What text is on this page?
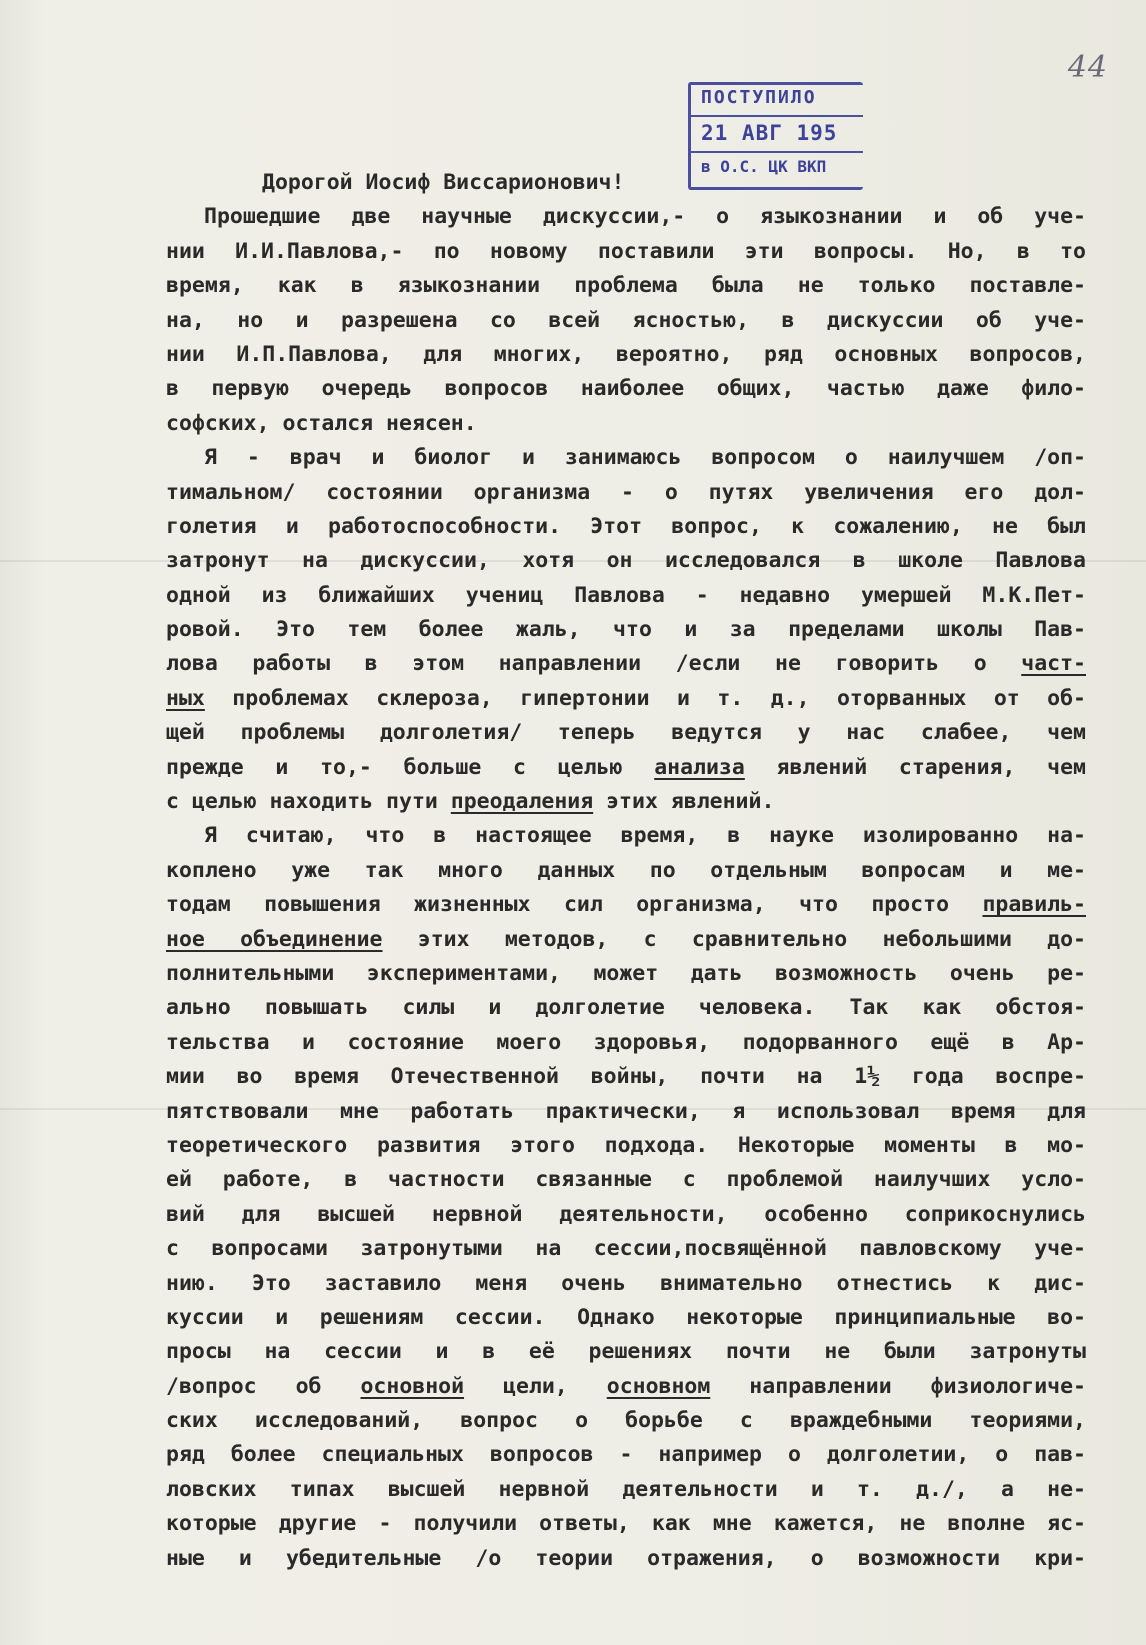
44
ПОСТУПИЛО
21 АВГ 195
в О.С. ЦК ВКП
Дорогой Иосиф Виссарионович!
Прошедшие две научные дискуссии,- о языкознании и об уче-
нии И.И.Павлова,- по новому поставили эти вопросы. Но, в то
время, как в языкознании проблема была не только поставле-
на, но и разрешена со всей ясностью, в дискуссии об уче-
нии И.П.Павлова, для многих, вероятно, ряд основных вопросов,
в первую очередь вопросов наиболее общих, частью даже фило-
софских, остался неясен.
Я - врач и биолог и занимаюсь вопросом о наилучшем /оп-
тимальном/ состоянии организма - о путях увеличения его дол-
голетия и работоспособности. Этот вопрос, к сожалению, не был
затронут на дискуссии, хотя он исследовался в школе Павлова
одной из ближайших учениц Павлова - недавно умершей М.К.Пет-
ровой. Это тем более жаль, что и за пределами школы Пав-
лова работы в этом направлении /если не говорить о част-
ных проблемах склероза, гипертонии и т. д., оторванных от об-
щей проблемы долголетия/ теперь ведутся у нас слабее, чем
прежде и то,- больше с целью анализа явлений старения, чем
с целью находить пути преодаления этих явлений.
Я считаю, что в настоящее время, в науке изолированно на-
коплено уже так много данных по отдельным вопросам и ме-
тодам повышения жизненных сил организма, что просто правиль-
ное объединение этих методов, с сравнительно небольшими до-
полнительными экспериментами, может дать возможность очень ре-
ально повышать силы и долголетие человека. Так как обстоя-
тельства и состояние моего здоровья, подорванного ещё в Ар-
мии во время Отечественной войны, почти на 1½ года воспре-
пятствовали мне работать практически, я использовал время для
теоретического развития этого подхода. Некоторые моменты в мо-
ей работе, в частности связанные с проблемой наилучших усло-
вий для высшей нервной деятельности, особенно соприкоснулись
с вопросами затронутыми на сессии,посвящённой павловскому уче-
нию. Это заставило меня очень внимательно отнестись к дис-
куссии и решениям сессии. Однако некоторые принципиальные во-
просы на сессии и в её решениях почти не были затронуты
/вопрос об основной цели, основном направлении физиологиче-
ских исследований, вопрос о борьбе с враждебными теориями,
ряд более специальных вопросов - например о долголетии, о пав-
ловских типах высшей нервной деятельности и т. д./, а не-
которые другие - получили ответы, как мне кажется, не вполне яс-
ные и убедительные /о теории отражения, о возможности кри-
